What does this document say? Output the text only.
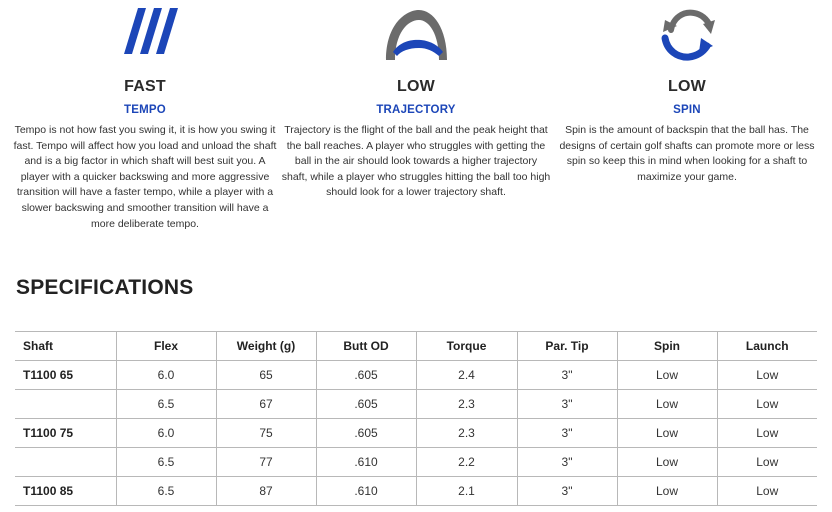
FAST
TEMPO
Tempo is not how fast you swing it, it is how you swing it fast. Tempo will affect how you load and unload the shaft and is a big factor in which shaft will best suit you. A player with a quicker backswing and more aggressive transition will have a faster tempo, while a player with a slower backswing and smoother transition will have a more deliberate tempo.
LOW
TRAJECTORY
Trajectory is the flight of the ball and the peak height that the ball reaches. A player who struggles with getting the ball in the air should look towards a higher trajectory shaft, while a player who struggles hitting the ball too high should look for a lower trajectory shaft.
LOW
SPIN
Spin is the amount of backspin that the ball has. The designs of certain golf shafts can promote more or less spin so keep this in mind when looking for a shaft to maximize your game.
SPECIFICATIONS
Shaft	Flex	Weight (g)	Butt OD	Torque	Par. Tip	Spin	Launch
T1100 65	6.0	65	.605	2.4	3"	Low	Low
	6.5	67	.605	2.3	3"	Low	Low
T1100 75	6.0	75	.605	2.3	3"	Low	Low
	6.5	77	.610	2.2	3"	Low	Low
T1100 85	6.5	87	.610	2.1	3"	Low	Low
